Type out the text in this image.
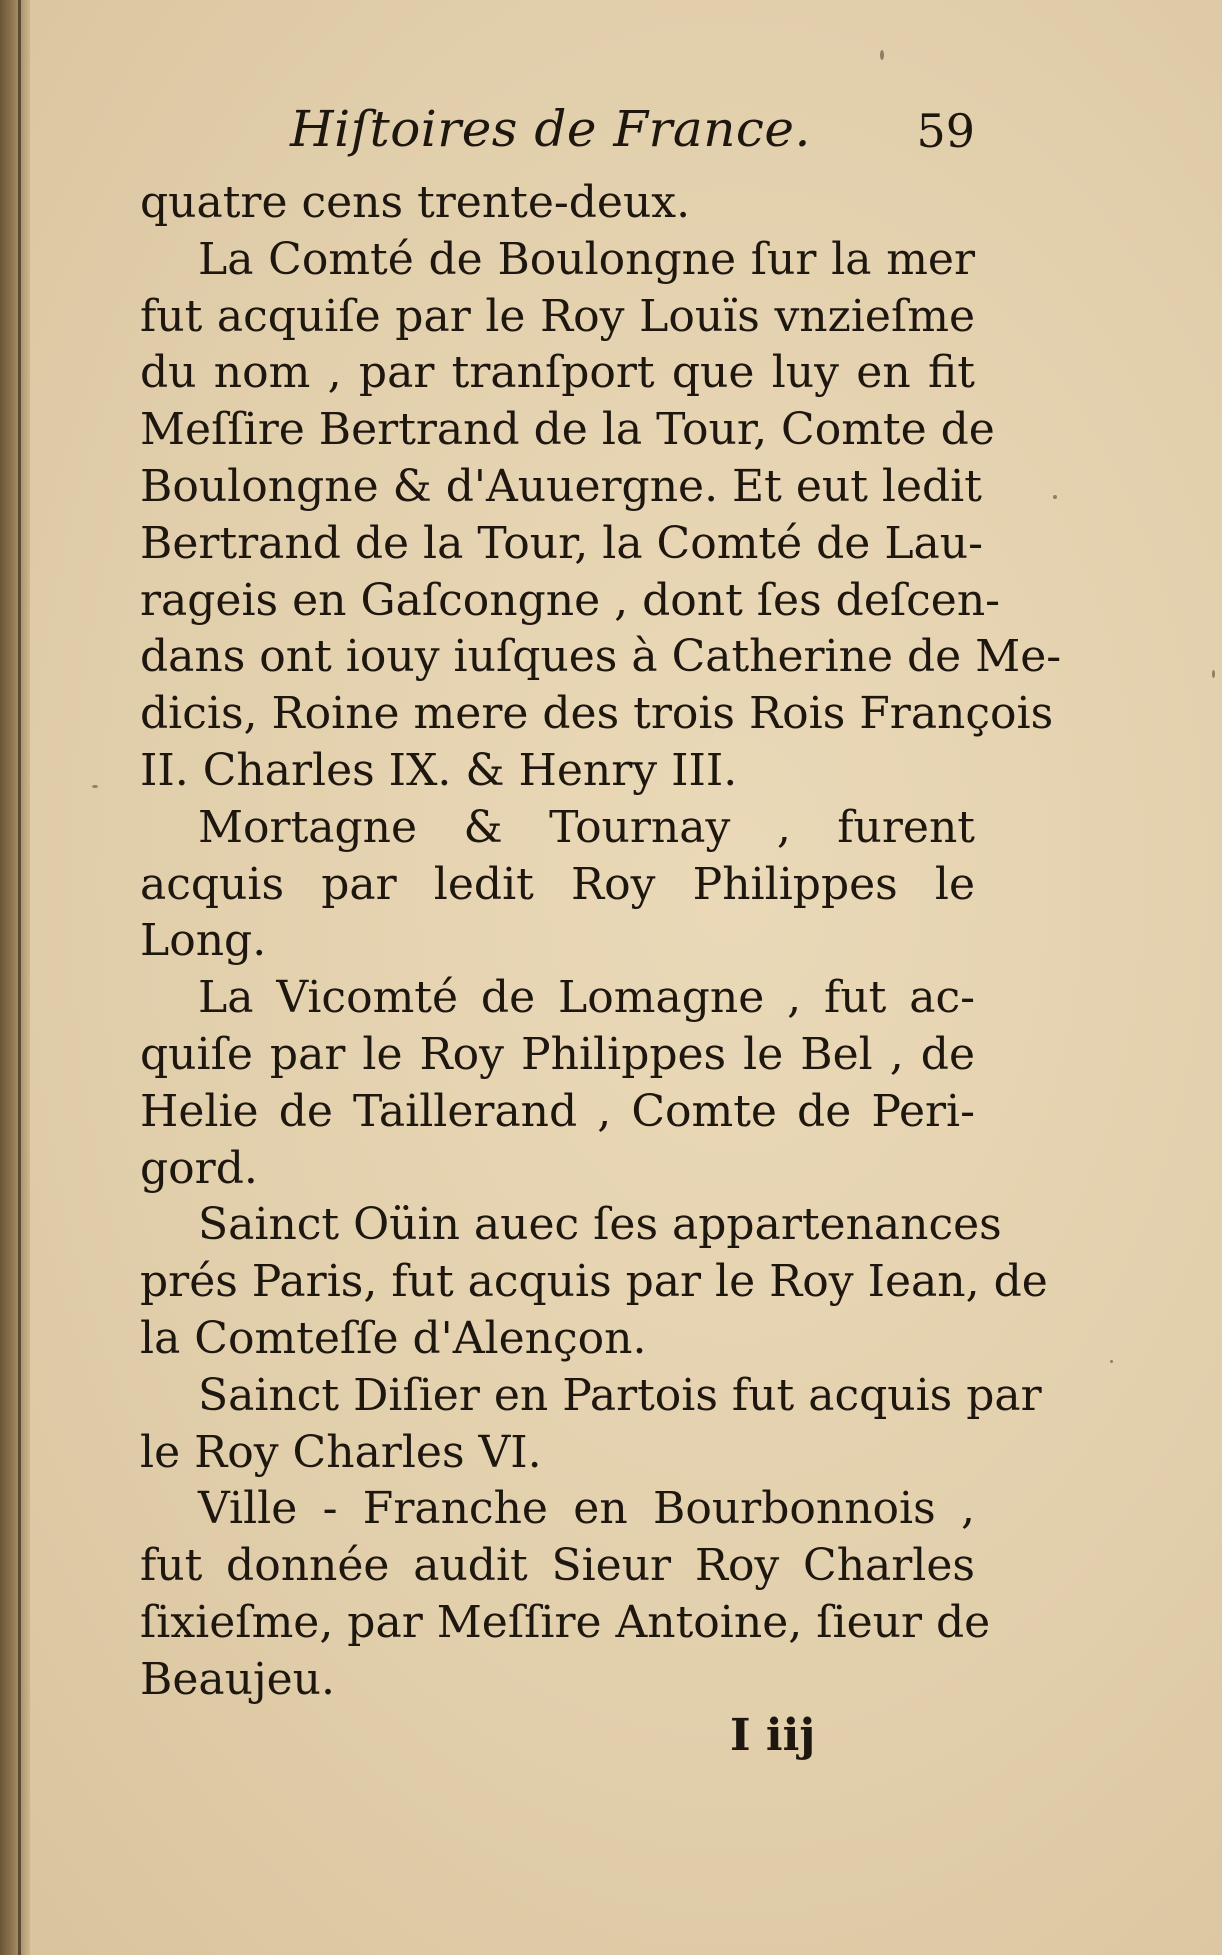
Hiſtoires de France. 59
quatre cens trente-deux.
La Comté de Boulongne ſur la mer
fut acquiſe par le Roy Louïs vnzieſme
du nom , par tranſport que luy en fit
Meſſire Bertrand de la Tour, Comte de
Boulongne & d'Auuergne. Et eut ledit
Bertrand de la Tour, la Comté de Lau-
rageis en Gaſcongne , dont ſes deſcen-
dans ont iouy iuſques à Catherine de Me-
dicis, Roine mere des trois Rois François
II. Charles IX. & Henry III.
Mortagne & Tournay , furent
acquis par ledit Roy Philippes le
Long.
La Vicomté de Lomagne , fut ac-
quiſe par le Roy Philippes le Bel , de
Helie de Taillerand , Comte de Peri-
gord.
Sainct Oüin auec ſes appartenances
prés Paris, fut acquis par le Roy Iean, de
la Comteſſe d'Alençon.
Sainct Diſier en Partois fut acquis par
le Roy Charles VI.
Ville - Franche en Bourbonnois ,
fut donnée audit Sieur Roy Charles
ſixieſme, par Meſſire Antoine, ſieur de
Beaujeu.
I iij
